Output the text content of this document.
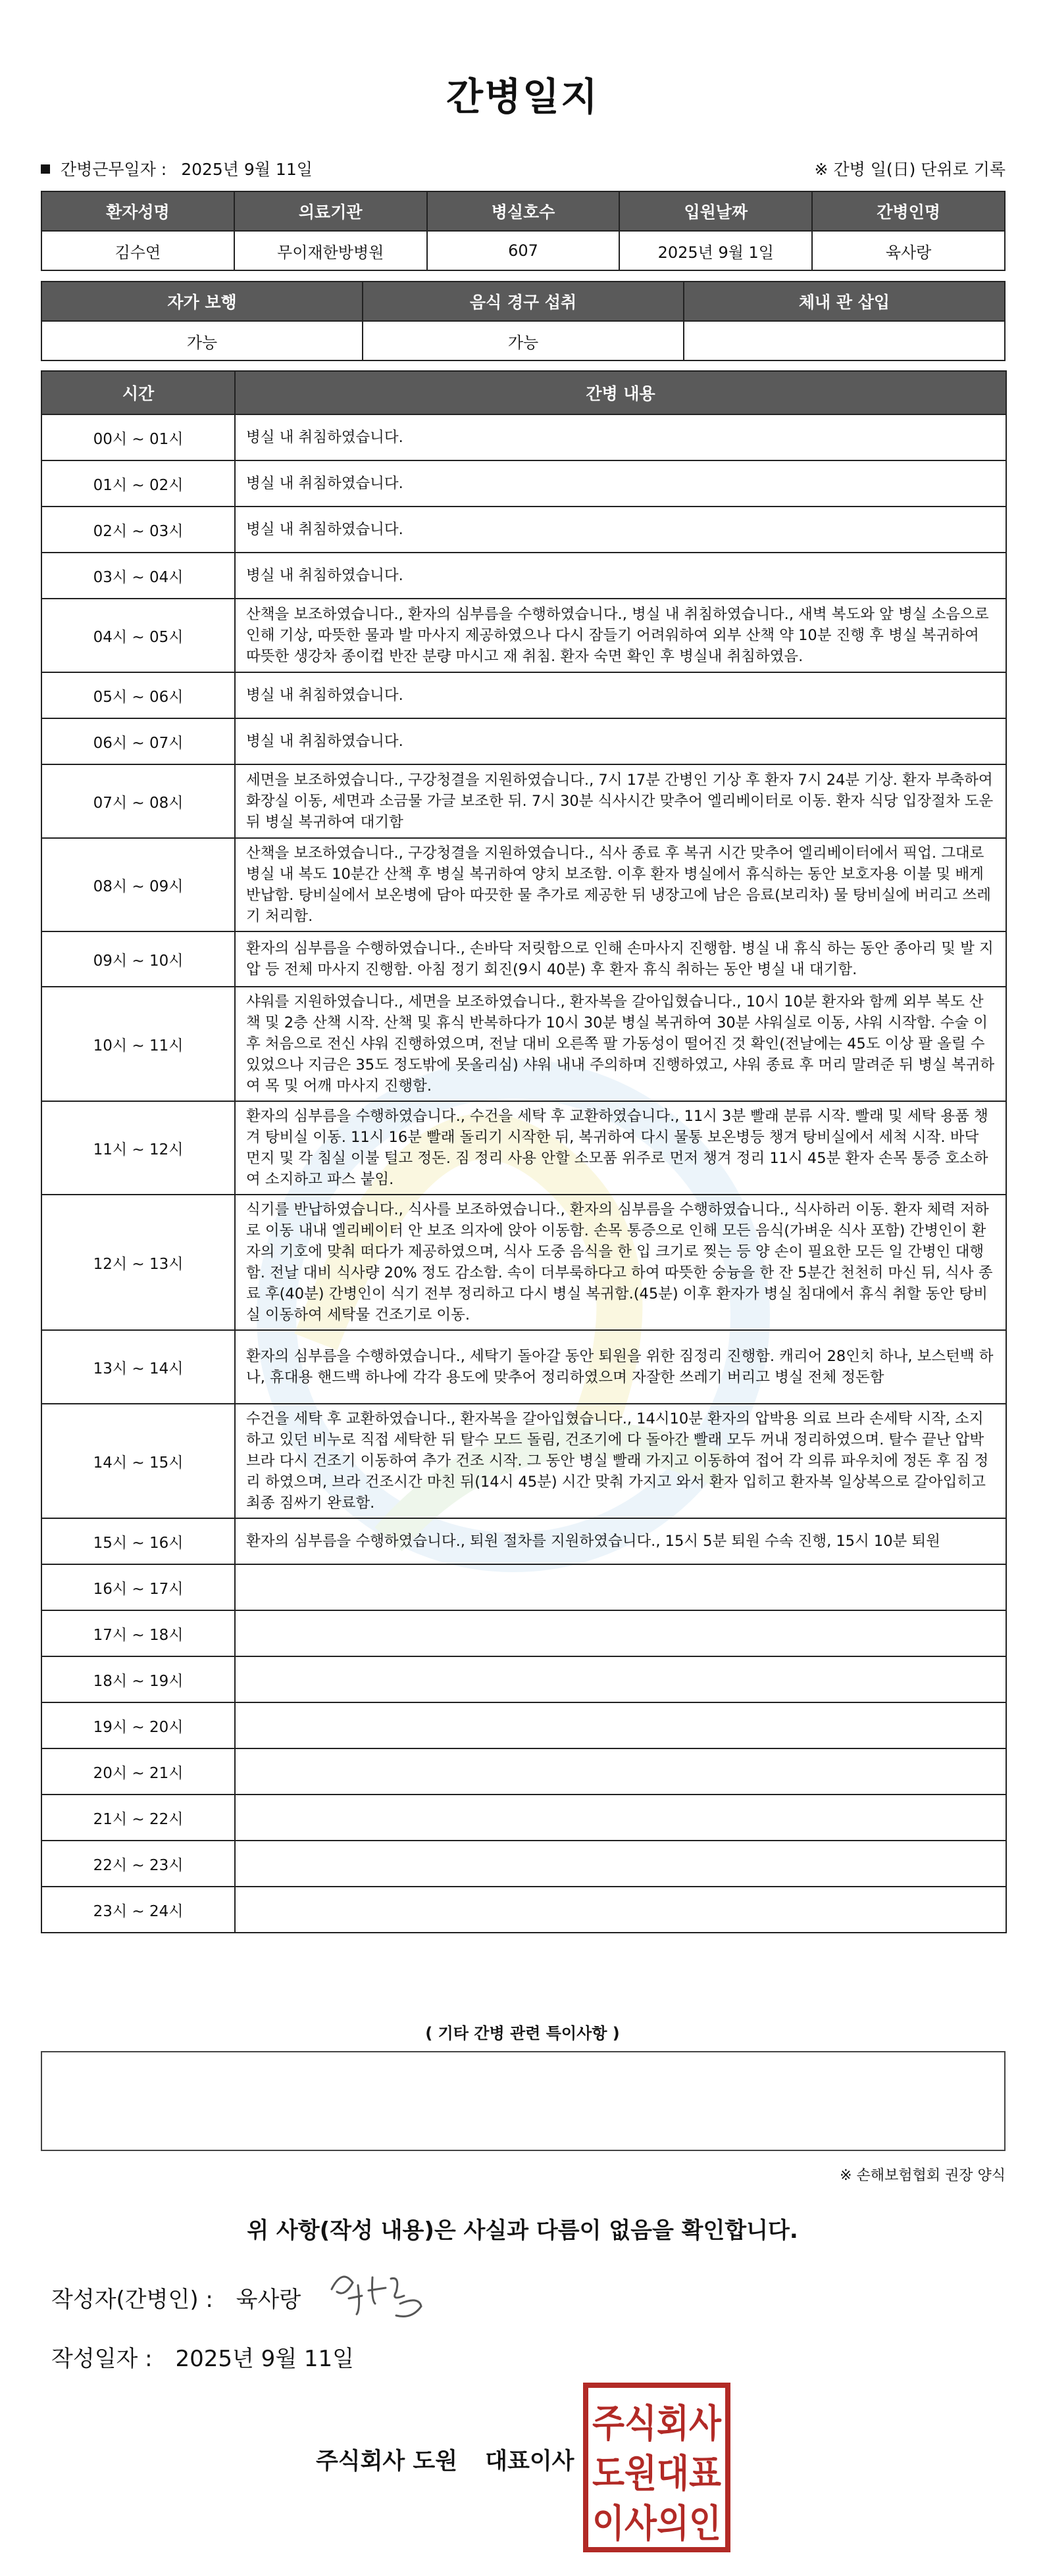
간병일지
간병근무일자 : 2025년 9월 11일	※ 간병 일(日) 단위로 기록
환자성명	의료기관	병실호수	입원날짜	간병인명
김수연	무이재한방병원	607	2025년 9월 1일	육사랑
자가 보행	음식 경구 섭취	체내 관 삽입
가능	가능	
시간	간병 내용
00시 ~ 01시	병실 내 취침하였습니다.
01시 ~ 02시	병실 내 취침하였습니다.
02시 ~ 03시	병실 내 취침하였습니다.
03시 ~ 04시	병실 내 취침하였습니다.
04시 ~ 05시	산책을 보조하였습니다., 환자의 심부름을 수행하였습니다., 병실 내 취침하였습니다., 새벽 복도와 앞 병실 소음으로 인해 기상, 따뜻한 물과 발 마사지 제공하였으나 다시 잠들기 어려워하여 외부 산책 약 10분 진행 후 병실 복귀하여 따뜻한 생강차 종이컵 반잔 분량 마시고 재 취침. 환자 숙면 확인 후 병실내 취침하였음.
05시 ~ 06시	병실 내 취침하였습니다.
06시 ~ 07시	병실 내 취침하였습니다.
07시 ~ 08시	세면을 보조하였습니다., 구강청결을 지원하였습니다., 7시 17분 간병인 기상 후 환자 7시 24분 기상. 환자 부축하여 화장실 이동, 세면과 소금물 가글 보조한 뒤. 7시 30분 식사시간 맞추어 엘리베이터로 이동. 환자 식당 입장절차 도운 뒤 병실 복귀하여 대기함
08시 ~ 09시	산책을 보조하였습니다., 구강청결을 지원하였습니다., 식사 종료 후 복귀 시간 맞추어 엘리베이터에서 픽업. 그대로 병실 내 복도 10분간 산책 후 병실 복귀하여 양치 보조함. 이후 환자 병실에서 휴식하는 동안 보호자용 이불 및 배게 반납함. 탕비실에서 보온병에 담아 따끗한 물 추가로 제공한 뒤 냉장고에 남은 음료(보리차) 물 탕비실에 버리고 쓰레기 처리함.
09시 ~ 10시	환자의 심부름을 수행하였습니다., 손바닥 저릿함으로 인해 손마사지 진행함. 병실 내 휴식 하는 동안 종아리 및 발 지압 등 전체 마사지 진행함. 아침 정기 회진(9시 40분) 후 환자 휴식 취하는 동안 병실 내 대기함.
10시 ~ 11시	샤워를 지원하였습니다., 세면을 보조하였습니다., 환자복을 갈아입혔습니다., 10시 10분 환자와 함께 외부 복도 산책 및 2층 산책 시작. 산책 및 휴식 반복하다가 10시 30분 병실 복귀하여 30분 샤워실로 이동, 샤워 시작함. 수술 이후 처음으로 전신 샤워 진행하였으며, 전날 대비 오른쪽 팔 가동성이 떨어진 것 확인(전날에는 45도 이상 팔 올릴 수 있었으나 지금은 35도 정도밖에 못올리심) 샤워 내내 주의하며 진행하였고, 샤워 종료 후 머리 말려준 뒤 병실 복귀하여 목 및 어깨 마사지 진행함.
11시 ~ 12시	환자의 심부름을 수행하였습니다., 수건을 세탁 후 교환하였습니다., 11시 3분 빨래 분류 시작. 빨래 및 세탁 용품 챙겨 탕비실 이동. 11시 16분 빨래 돌리기 시작한 뒤, 복귀하여 다시 물통 보온병등 챙겨 탕비실에서 세척 시작. 바닥 먼지 및 각 침실 이불 털고 정돈. 짐 정리 사용 안할 소모품 위주로 먼저 챙겨 정리 11시 45분 환자 손목 통증 호소하여 소지하고 파스 붙임.
12시 ~ 13시	식기를 반납하였습니다., 식사를 보조하였습니다., 환자의 심부름을 수행하였습니다., 식사하러 이동. 환자 체력 저하로 이동 내내 엘리베이터 안 보조 의자에 앉아 이동함. 손목 통증으로 인해 모든 음식(가벼운 식사 포함) 간병인이 환자의 기호에 맞춰 떠다가 제공하였으며, 식사 도중 음식을 한 입 크기로 찢는 등 양 손이 필요한 모든 일 간병인 대행함. 전날 대비 식사량 20% 정도 감소함. 속이 더부룩하다고 하여 따뜻한 숭늉을 한 잔 5분간 천천히 마신 뒤, 식사 종료 후(40분) 간병인이 식기 전부 정리하고 다시 병실 복귀함.(45분) 이후 환자가 병실 침대에서 휴식 취할 동안 탕비실 이동하여 세탁물 건조기로 이동.
13시 ~ 14시	환자의 심부름을 수행하였습니다., 세탁기 돌아갈 동안 퇴원을 위한 짐정리 진행함. 캐리어 28인치 하나, 보스턴백 하나, 휴대용 핸드백 하나에 각각 용도에 맞추어 정리하였으며 자잘한 쓰레기 버리고 병실 전체 정돈함
14시 ~ 15시	수건을 세탁 후 교환하였습니다., 환자복을 갈아입혔습니다., 14시10분 환자의 압박용 의료 브라 손세탁 시작, 소지하고 있던 비누로 직접 세탁한 뒤 탈수 모드 돌림, 건조기에 다 돌아간 빨래 모두 꺼내 정리하였으며. 탈수 끝난 압박 브라 다시 건조기 이동하여 추가 건조 시작. 그 동안 병실 빨래 가지고 이동하여 접어 각 의류 파우치에 정돈 후 짐 정리 하였으며, 브라 건조시간 마친 뒤(14시 45분) 시간 맞춰 가지고 와서 환자 입히고 환자복 일상복으로 갈아입히고 최종 짐싸기 완료함.
15시 ~ 16시	환자의 심부름을 수행하였습니다., 퇴원 절차를 지원하였습니다., 15시 5분 퇴원 수속 진행, 15시 10분 퇴원
16시 ~ 17시	
17시 ~ 18시	
18시 ~ 19시	
19시 ~ 20시	
20시 ~ 21시	
21시 ~ 22시	
22시 ~ 23시	
23시 ~ 24시	
( 기타 간병 관련 특이사항 )
※ 손해보험협회 권장 양식
위 사항(작성 내용)은 사실과 다름이 없음을 확인합니다.
작성자(간병인) : 육사랑
작성일자 : 2025년 9월 11일
주식회사 도원 대표이사
주식회사
도원대표
이사의인
